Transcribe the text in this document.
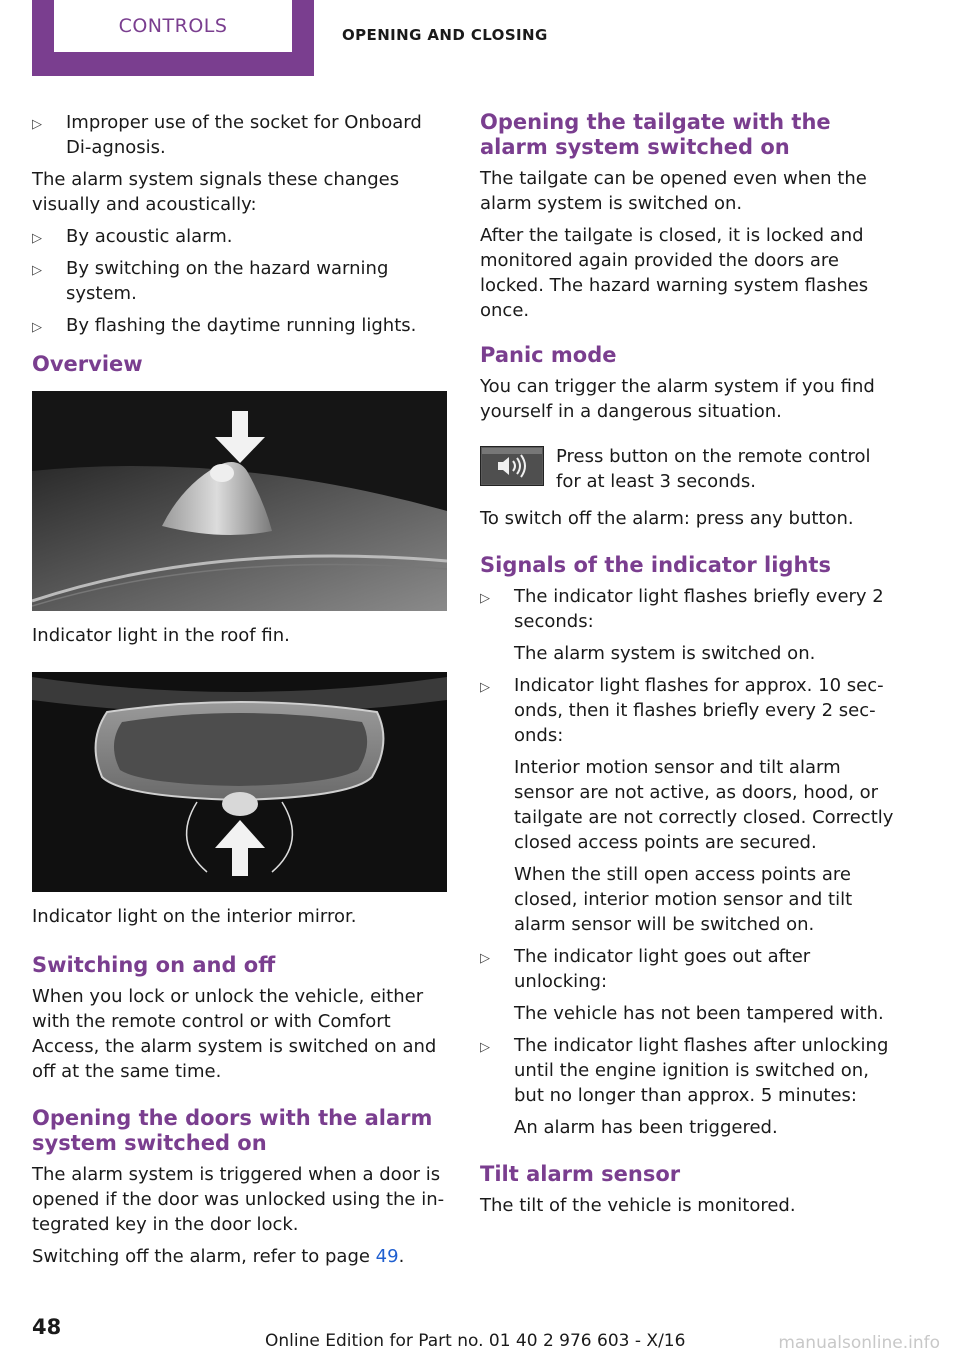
CONTROLS	OPENING AND CLOSING
▷ Improper use of the socket for Onboard Di-agnosis.

The alarm system signals these changes visually and acoustically:

▷ By acoustic alarm.
▷ By switching on the hazard warning system.
▷ By flashing the daytime running lights.
Overview

Indicator light in the roof fin.

Indicator light on the interior mirror.

Switching on and off

When you lock or unlock the vehicle, either with the remote control or with Comfort Access, the alarm system is switched on and off at the same time.

Opening the doors with the alarm system switched on

The alarm system is triggered when a door is opened if the door was unlocked using the in-tegrated key in the door lock.

Switching off the alarm, refer to page 49.

Opening the tailgate with the alarm system switched on

The tailgate can be opened even when the alarm system is switched on.

After the tailgate is closed, it is locked and monitored again provided the doors are locked. The hazard warning system flashes once.

Panic mode

You can trigger the alarm system if you find yourself in a dangerous situation.

Press button on the remote control for at least 3 seconds.

To switch off the alarm: press any button.

Signals of the indicator lights
▷ The indicator light flashes briefly every 2 seconds:

The alarm system is switched on.

▷ Indicator light flashes for approx. 10 sec-onds, then it flashes briefly every 2 sec-onds:

Interior motion sensor and tilt alarm sensor are not active, as doors, hood, or tailgate are not correctly closed. Correctly closed access points are secured.

When the still open access points are closed, interior motion sensor and tilt alarm sensor will be switched on.

▷ The indicator light goes out after unlocking:

The vehicle has not been tampered with.

▷ The indicator light flashes after unlocking until the engine ignition is switched on, but no longer than approx. 5 minutes:

An alarm has been triggered.

Tilt alarm sensor

The tilt of the vehicle is monitored.

48
Online Edition for Part no. 01 40 2 976 603 - X/16	manualsonline.info
